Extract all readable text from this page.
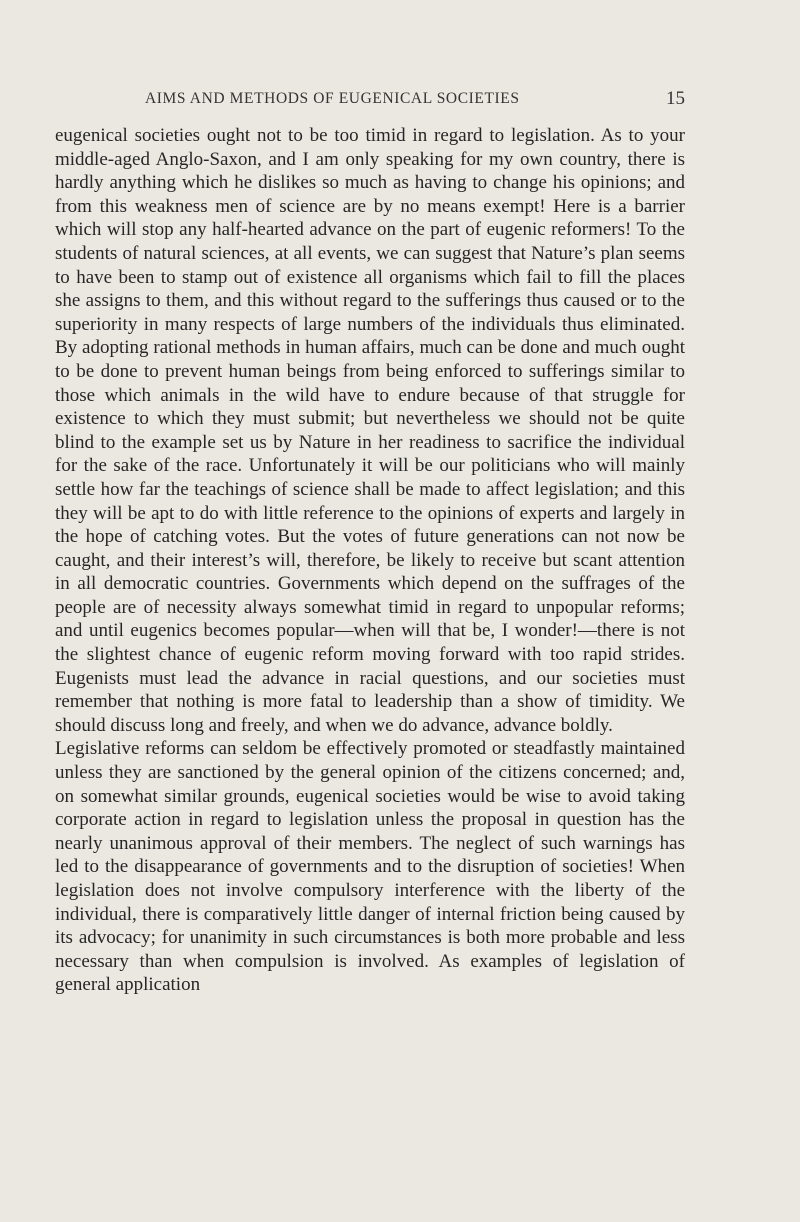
AIMS AND METHODS OF EUGENICAL SOCIETIES	15

eugenical societies ought not to be too timid in regard to legislation. As to your middle-aged Anglo-Saxon, and I am only speaking for my own country, there is hardly anything which he dislikes so much as having to change his opinions; and from this weakness men of science are by no means exempt! Here is a barrier which will stop any half-hearted advance on the part of eugenic reformers! To the students of natural sciences, at all events, we can suggest that Nature’s plan seems to have been to stamp out of existence all organisms which fail to fill the places she assigns to them, and this without regard to the sufferings thus caused or to the superiority in many respects of large numbers of the individuals thus eliminated. By adopting rational methods in human affairs, much can be done and much ought to be done to prevent human beings from being enforced to sufferings similar to those which animals in the wild have to endure because of that struggle for existence to which they must submit; but nevertheless we should not be quite blind to the example set us by Nature in her readiness to sacrifice the individual for the sake of the race. Unfortunately it will be our politicians who will mainly settle how far the teachings of science shall be made to affect legislation; and this they will be apt to do with little reference to the opinions of experts and largely in the hope of catching votes. But the votes of future generations can not now be caught, and their interest’s will, therefore, be likely to receive but scant attention in all democratic countries. Governments which depend on the suffrages of the people are of necessity always somewhat timid in regard to unpopular reforms; and until eugenics becomes popular—when will that be, I wonder!—there is not the slightest chance of eugenic reform moving forward with too rapid strides. Eugenists must lead the advance in racial questions, and our societies must remember that nothing is more fatal to leadership than a show of timidity. We should discuss long and freely, and when we do advance, advance boldly.

Legislative reforms can seldom be effectively promoted or steadfastly maintained unless they are sanctioned by the general opinion of the citizens concerned; and, on somewhat similar grounds, eugenical societies would be wise to avoid taking corporate action in regard to legislation unless the proposal in question has the nearly unanimous approval of their members. The neglect of such warnings has led to the disappearance of governments and to the disruption of societies! When legislation does not involve compulsory interference with the liberty of the individual, there is comparatively little danger of internal friction being caused by its advocacy; for unanimity in such circumstances is both more probable and less necessary than when compulsion is involved. As examples of legislation of general application
